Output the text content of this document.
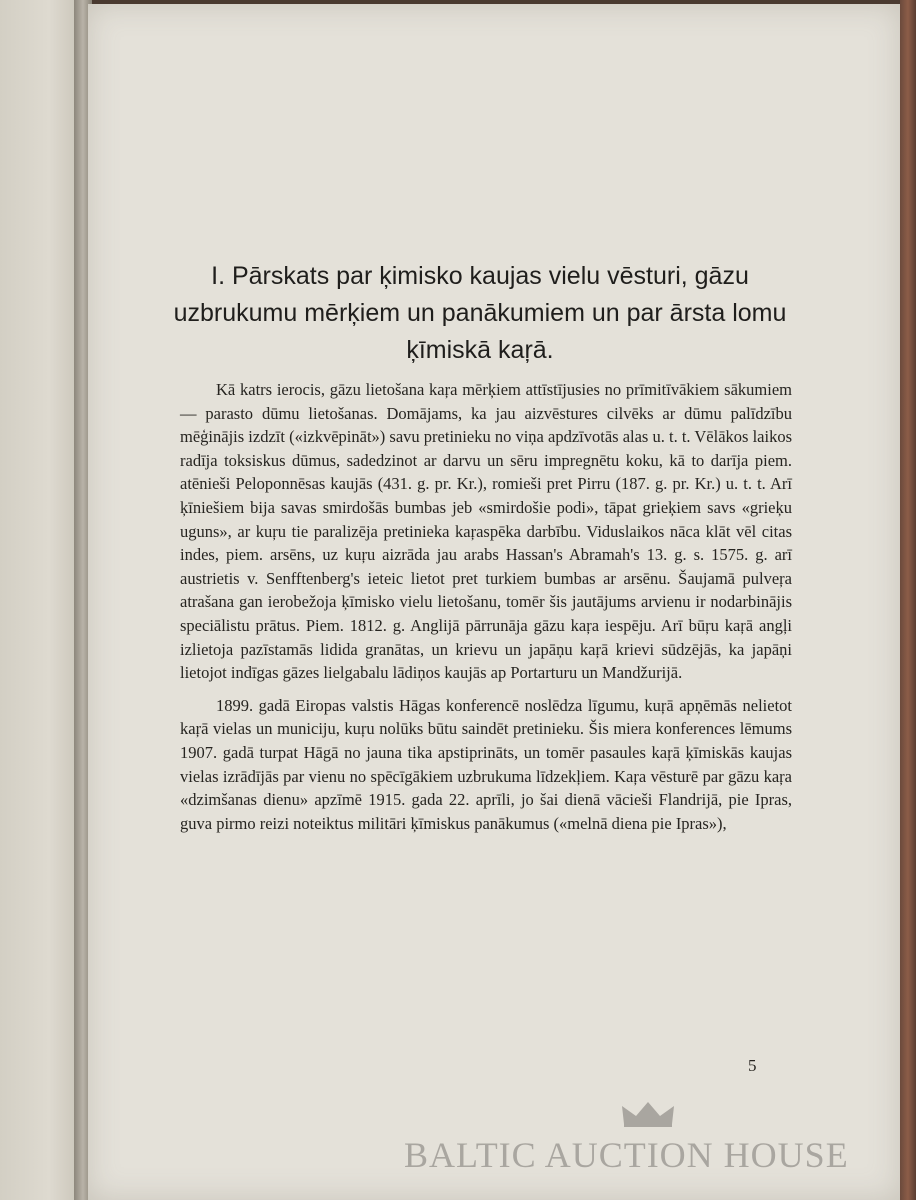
I. Pārskats par ķimisko kaujas vielu vēsturi, gāzu uzbrukumu mērķiem un panākumiem un par ārsta lomu ķīmiskā kaŗā.

Kā katrs ierocis, gāzu lietošana kaŗa mērķiem attīstījusies no prīmitīvākiem sākumiem — parasto dūmu lietošanas. Domājams, ka jau aizvēstures cilvēks ar dūmu palīdzību mēģinājis izdzīt («izkvēpināt») savu pretinieku no viņa apdzīvotās alas u. t. t. Vēlākos laikos radīja toksiskus dūmus, sadedzinot ar darvu un sēru impregnētu koku, kā to darīja piem. atēnieši Peloponnēsas kaujās (431. g. pr. Kr.), romieši pret Pirru (187. g. pr. Kr.) u. t. t. Arī ķīniešiem bija savas smirdošās bumbas jeb «smirdošie podi», tāpat grieķiem savs «grieķu uguns», ar kuŗu tie paralizēja pretinieka kaŗaspēka darbību. Viduslaikos nāca klāt vēl citas indes, piem. arsēns, uz kuŗu aizrāda jau arabs Hassan's Abramah's 13. g. s. 1575. g. arī austrietis v. Senfftenberg's ieteic lietot pret turkiem bumbas ar arsēnu. Šaujamā pulveŗa atrašana gan ierobežoja ķīmisko vielu lietošanu, tomēr šis jautājums arvienu ir nodarbinājis speciālistu prātus. Piem. 1812. g. Anglijā pārrunāja gāzu kaŗa iespēju. Arī būŗu kaŗā angļi izlietoja pazīstamās lidida granātas, un krievu un japāņu kaŗā krievi sūdzējās, ka japāņi lietojot indīgas gāzes lielgabalu lādiņos kaujās ap Portarturu un Mandžurijā.

1899. gadā Eiropas valstis Hāgas konferencē noslēdza līgumu, kuŗā apņēmās nelietot kaŗā vielas un municiju, kuŗu nolūks būtu saindēt pretinieku. Šis miera konferences lēmums 1907. gadā turpat Hāgā no jauna tika apstiprināts, un tomēr pasaules kaŗā ķīmiskās kaujas vielas izrādījās par vienu no spēcīgākiem uzbrukuma līdzekļiem. Kaŗa vēsturē par gāzu kaŗa «dzimšanas dienu» apzīmē 1915. gada 22. aprīli, jo šai dienā vācieši Flandrijā, pie Ipras, guva pirmo reizi noteiktus militāri ķīmiskus panākumus («melnā diena pie Ipras»),

5
BALTIC AUCTION HOUSE
